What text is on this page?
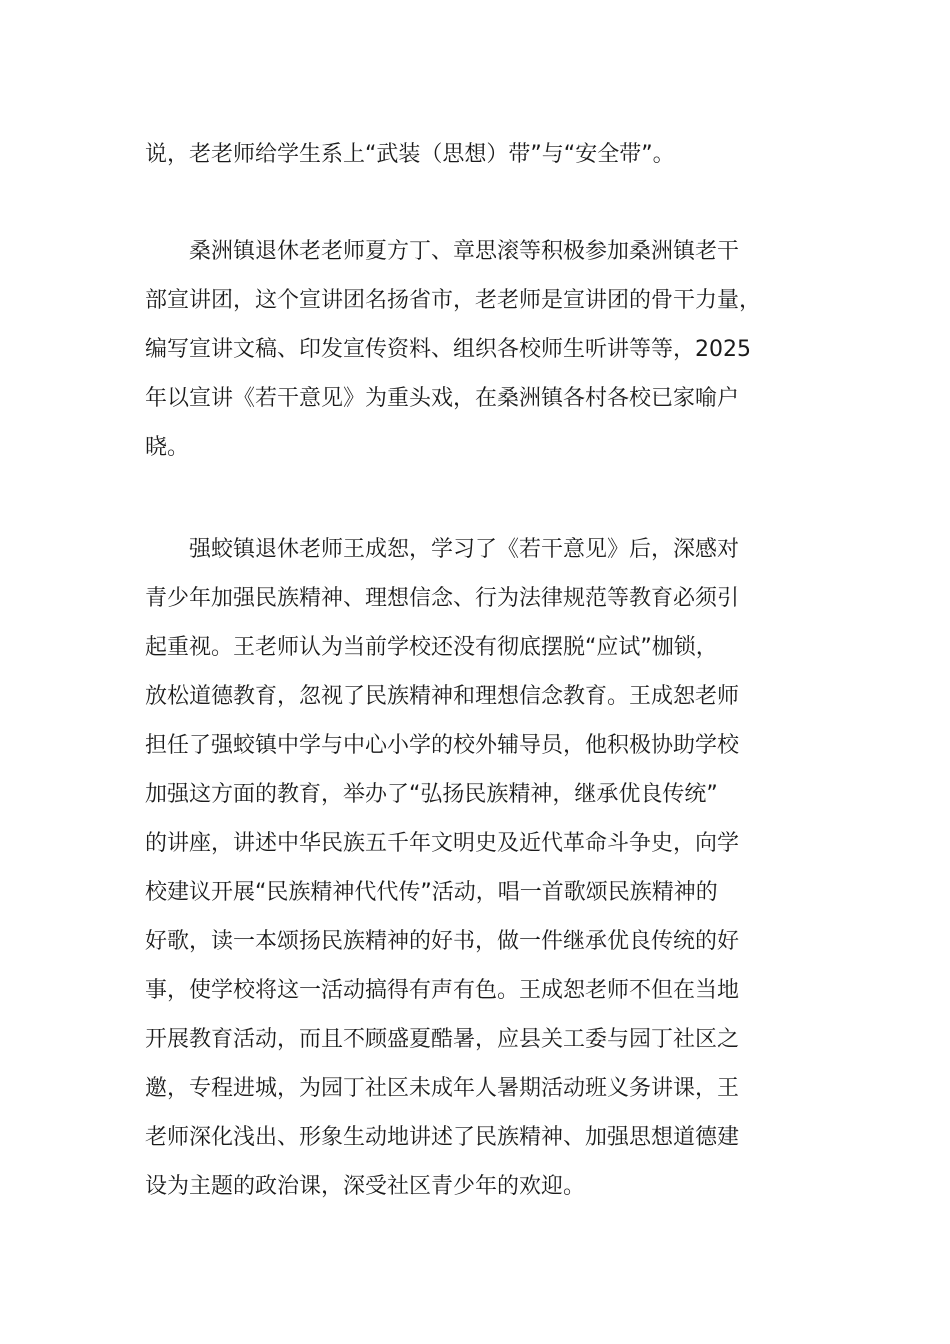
说，老老师给学生系上“武装（思想）带”与“安全带”。

　　桑洲镇退休老老师夏方丁、章思滚等积极参加桑洲镇老干

部宣讲团，这个宣讲团名扬省市，老老师是宣讲团的骨干力量，

编写宣讲文稿、印发宣传资料、组织各校师生听讲等等，2025

年以宣讲《若干意见》为重头戏，在桑洲镇各村各校已家喻户

晓。

　　强蛟镇退休老师王成恕，学习了《若干意见》后，深感对

青少年加强民族精神、理想信念、行为法律规范等教育必须引

起重视。王老师认为当前学校还没有彻底摆脱“应试”枷锁，

放松道德教育，忽视了民族精神和理想信念教育。王成恕老师

担任了强蛟镇中学与中心小学的校外辅导员，他积极协助学校

加强这方面的教育，举办了“弘扬民族精神，继承优良传统”

的讲座，讲述中华民族五千年文明史及近代革命斗争史，向学

校建议开展“民族精神代代传”活动，唱一首歌颂民族精神的

好歌，读一本颂扬民族精神的好书，做一件继承优良传统的好

事，使学校将这一活动搞得有声有色。王成恕老师不但在当地

开展教育活动，而且不顾盛夏酷暑，应县关工委与园丁社区之

邀，专程进城，为园丁社区未成年人暑期活动班义务讲课，王

老师深化浅出、形象生动地讲述了民族精神、加强思想道德建

设为主题的政治课，深受社区青少年的欢迎。
